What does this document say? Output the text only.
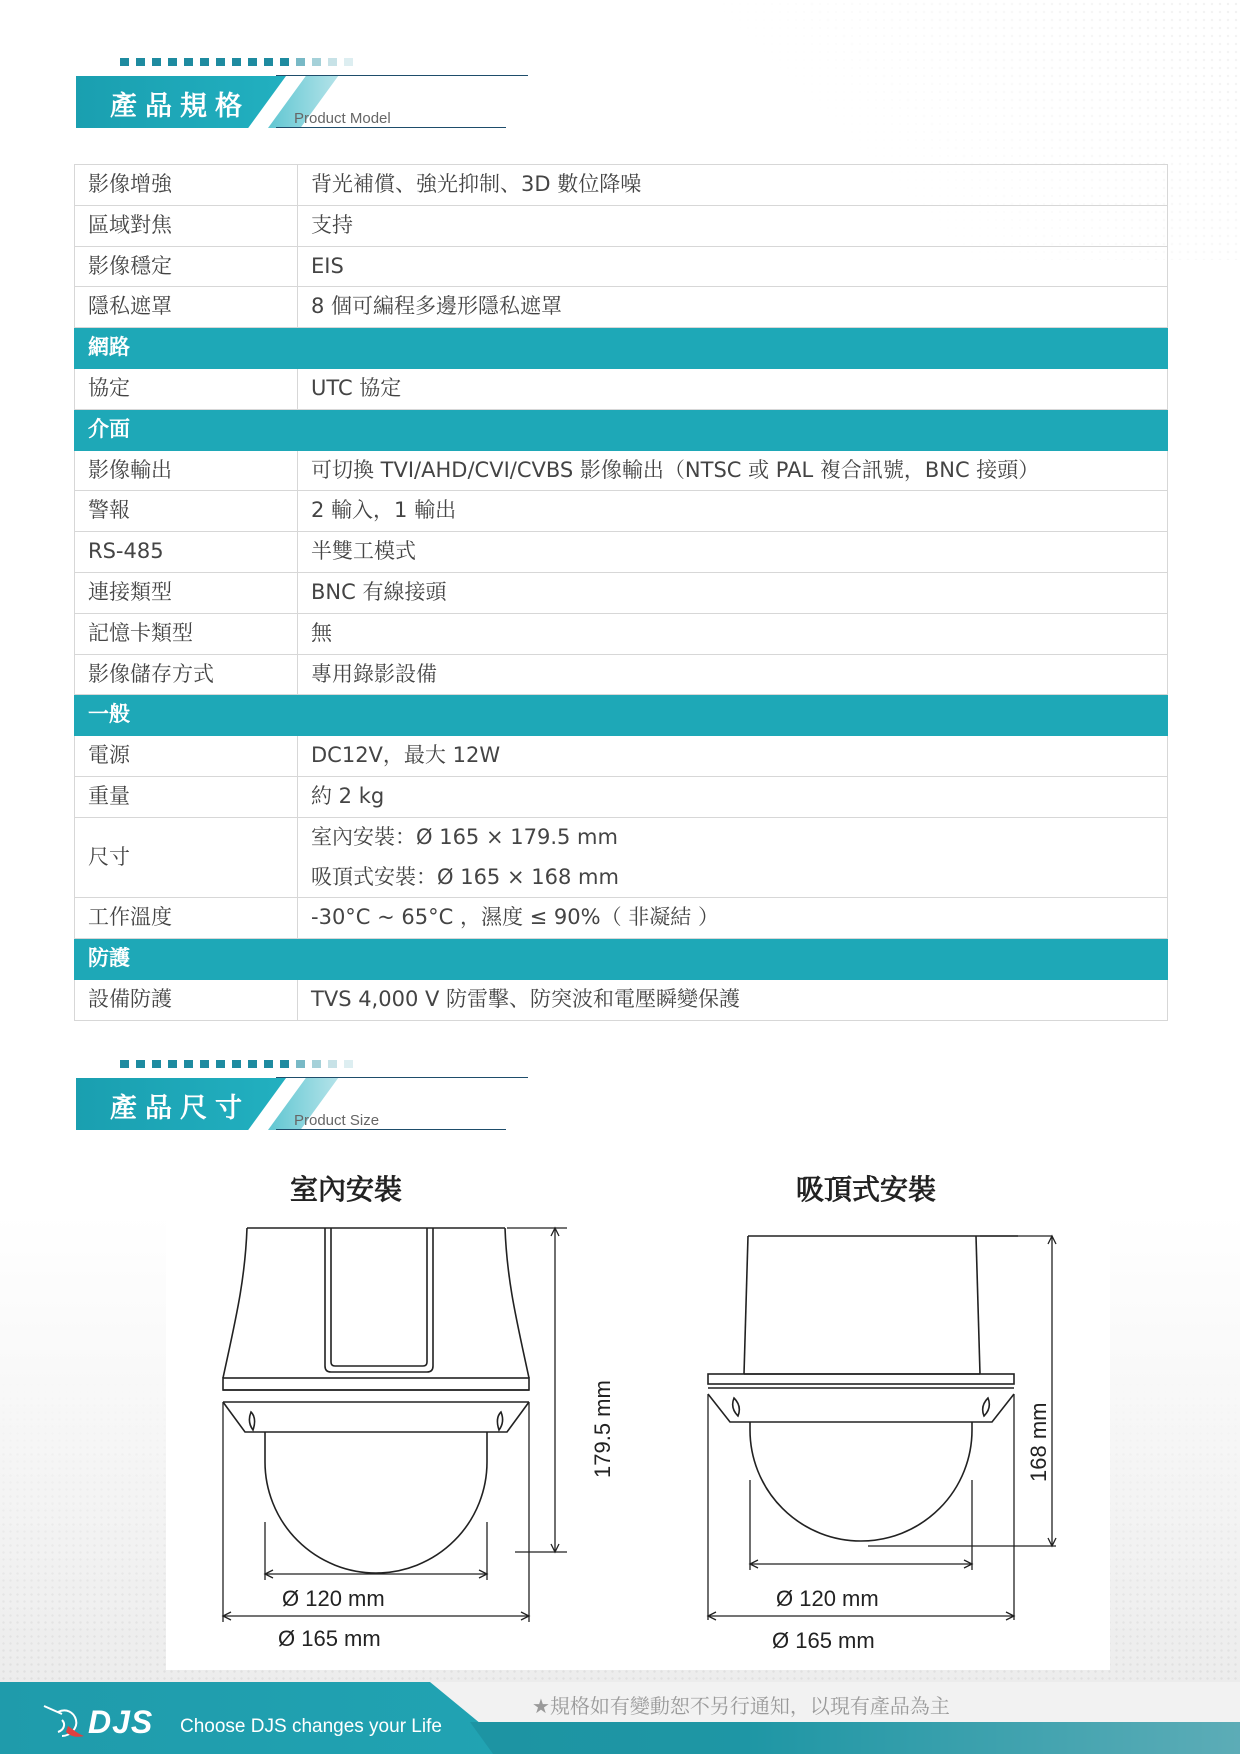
產品規格	Product Model
影像增強	背光補償、強光抑制、3D 數位降噪
區域對焦	支持
影像穩定	EIS
隱私遮罩	8 個可編程多邊形隱私遮罩
網路	
協定	UTC 協定
介面	
影像輸出	可切換 TVI/AHD/CVI/CVBS 影像輸出（NTSC 或 PAL 複合訊號，BNC 接頭）
警報	2 輸入，1 輸出
RS-485	半雙工模式
連接類型	BNC 有線接頭
記憶卡類型	無
影像儲存方式	專用錄影設備
一般	
電源	DC12V，最大 12W
重量	約 2 kg
尺寸	室內安裝：Ø 165 × 179.5 mm
吸頂式安裝：Ø 165 × 168 mm

工作溫度	-30°C ~ 65°C ，濕度 ≤ 90%（ 非凝結 ）
防護	
設備防護	TVS 4,000 V 防雷擊、防突波和電壓瞬變保護
產品尺寸	Product Size
室內安裝
179.5 mm
Ø 120 mm
Ø 165 mm
吸頂式安裝
168 mm
Ø 120 mm
Ø 165 mm
DJS Choose DJS changes your Life
★規格如有變動恕不另行通知，以現有產品為主
